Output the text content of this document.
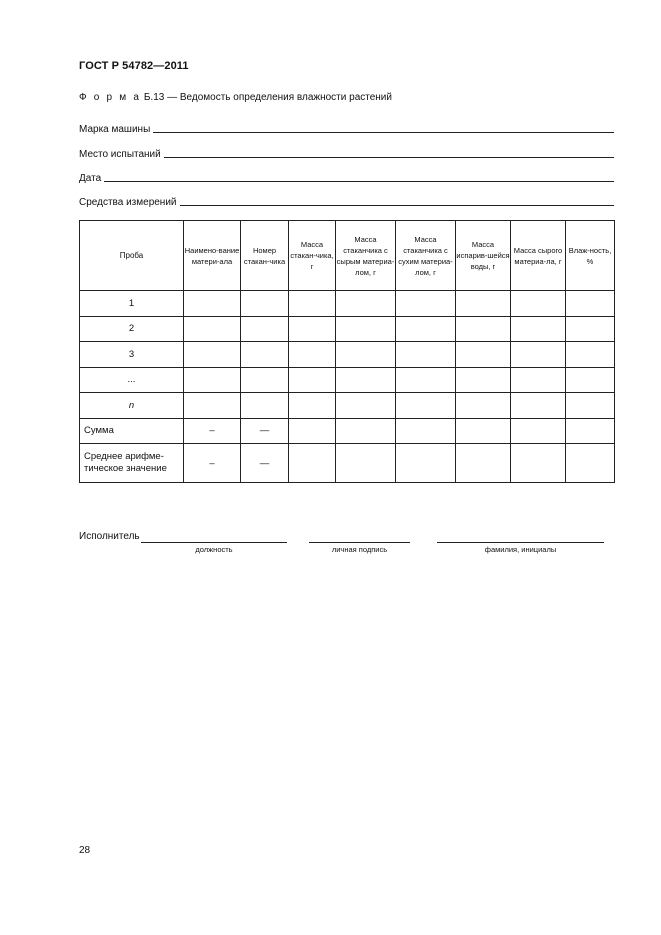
ГОСТ Р 54782—2011
Ф о р м а Б.13 — Ведомость определения влажности растений
Марка машины
Место испытаний
Дата
Средства измерений
Проба	Наимено-вание матери-ала	Номер стакан-чика	Масса стакан-чика, г	Масса стаканчика с сырым материа-лом, г	Масса стаканчика с сухим материа-лом, г	Масса испарив-шейся воды, г	Масса сырого материа-ла, г	Влаж-ность, %
1								
2								
3								
...								
n								
Сумма	–	—						
Среднее арифме-тическое значение	–	—						
Исполнитель
должность	личная подпись	фамилия, инициалы
28
